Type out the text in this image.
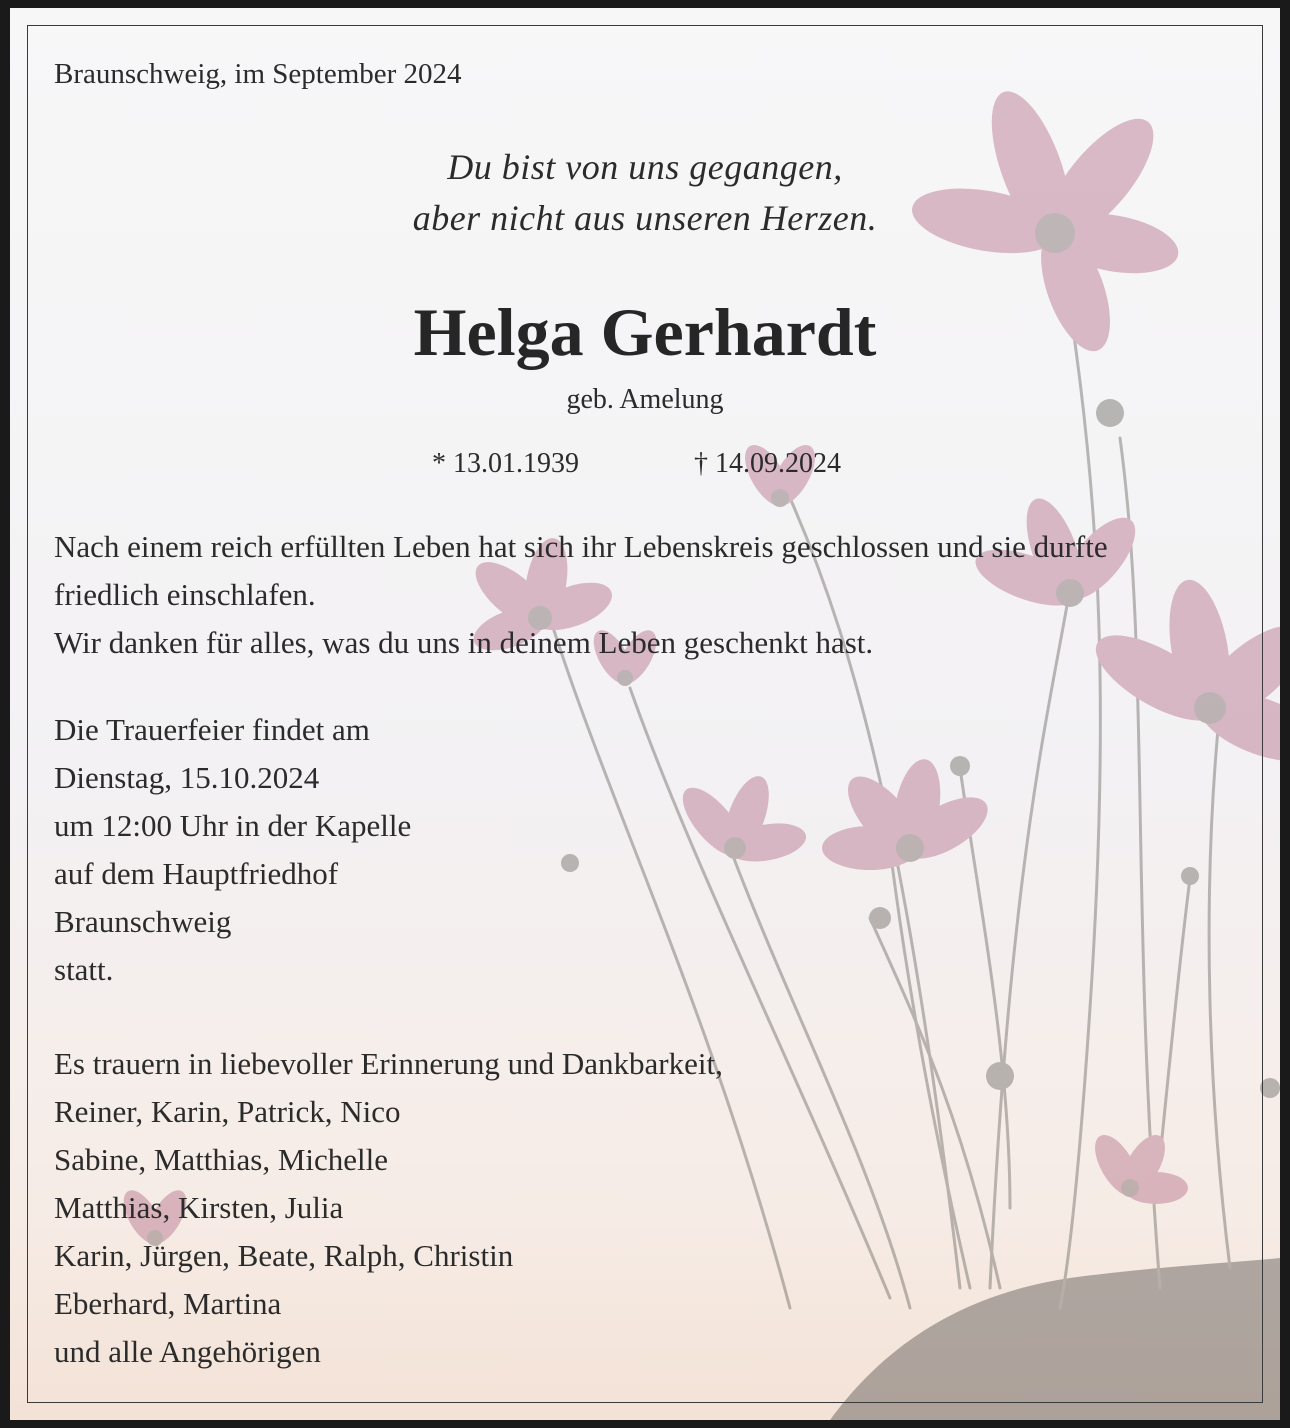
Braunschweig, im September 2024
Du bist von uns gegangen,
aber nicht aus unseren Herzen.
Helga Gerhardt
geb. Amelung
* 13.01.1939	† 14.09.2024
Nach einem reich erfüllten Leben hat sich ihr Lebenskreis geschlossen und sie durfte
friedlich einschlafen.
Wir danken für alles, was du uns in deinem Leben geschenkt hast.
Die Trauerfeier findet am
Dienstag, 15.10.2024
um 12:00 Uhr in der Kapelle
auf dem Hauptfriedhof
Braunschweig
statt.
Es trauern in liebevoller Erinnerung und Dankbarkeit,
Reiner, Karin, Patrick, Nico
Sabine, Matthias, Michelle
Matthias, Kirsten, Julia
Karin, Jürgen, Beate, Ralph, Christin
Eberhard, Martina
und alle Angehörigen
